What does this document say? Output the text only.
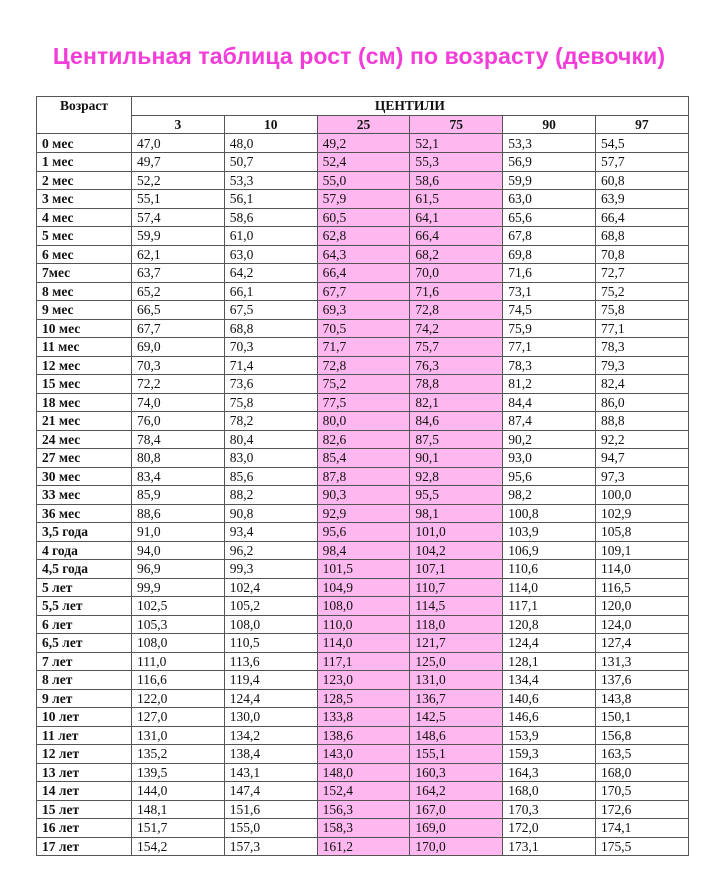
Центильная таблица рост (см) по возрасту (девочки)
Возраст	ЦЕНТИЛИ					
	3	10	25	75	90	97
0 мес	47,0	48,0	49,2	52,1	53,3	54,5
1 мес	49,7	50,7	52,4	55,3	56,9	57,7
2 мес	52,2	53,3	55,0	58,6	59,9	60,8
3 мес	55,1	56,1	57,9	61,5	63,0	63,9
4 мес	57,4	58,6	60,5	64,1	65,6	66,4
5 мес	59,9	61,0	62,8	66,4	67,8	68,8
6 мес	62,1	63,0	64,3	68,2	69,8	70,8
7мес	63,7	64,2	66,4	70,0	71,6	72,7
8 мес	65,2	66,1	67,7	71,6	73,1	75,2
9 мес	66,5	67,5	69,3	72,8	74,5	75,8
10 мес	67,7	68,8	70,5	74,2	75,9	77,1
11 мес	69,0	70,3	71,7	75,7	77,1	78,3
12 мес	70,3	71,4	72,8	76,3	78,3	79,3
15 мес	72,2	73,6	75,2	78,8	81,2	82,4
18 мес	74,0	75,8	77,5	82,1	84,4	86,0
21 мес	76,0	78,2	80,0	84,6	87,4	88,8
24 мес	78,4	80,4	82,6	87,5	90,2	92,2
27 мес	80,8	83,0	85,4	90,1	93,0	94,7
30 мес	83,4	85,6	87,8	92,8	95,6	97,3
33 мес	85,9	88,2	90,3	95,5	98,2	100,0
36 мес	88,6	90,8	92,9	98,1	100,8	102,9
3,5 года	91,0	93,4	95,6	101,0	103,9	105,8
4 года	94,0	96,2	98,4	104,2	106,9	109,1
4,5 года	96,9	99,3	101,5	107,1	110,6	114,0
5 лет	99,9	102,4	104,9	110,7	114,0	116,5
5,5 лет	102,5	105,2	108,0	114,5	117,1	120,0
6 лет	105,3	108,0	110,0	118,0	120,8	124,0
6,5 лет	108,0	110,5	114,0	121,7	124,4	127,4
7 лет	111,0	113,6	117,1	125,0	128,1	131,3
8 лет	116,6	119,4	123,0	131,0	134,4	137,6
9 лет	122,0	124,4	128,5	136,7	140,6	143,8
10 лет	127,0	130,0	133,8	142,5	146,6	150,1
11 лет	131,0	134,2	138,6	148,6	153,9	156,8
12 лет	135,2	138,4	143,0	155,1	159,3	163,5
13 лет	139,5	143,1	148,0	160,3	164,3	168,0
14 лет	144,0	147,4	152,4	164,2	168,0	170,5
15 лет	148,1	151,6	156,3	167,0	170,3	172,6
16 лет	151,7	155,0	158,3	169,0	172,0	174,1
17 лет	154,2	157,3	161,2	170,0	173,1	175,5
